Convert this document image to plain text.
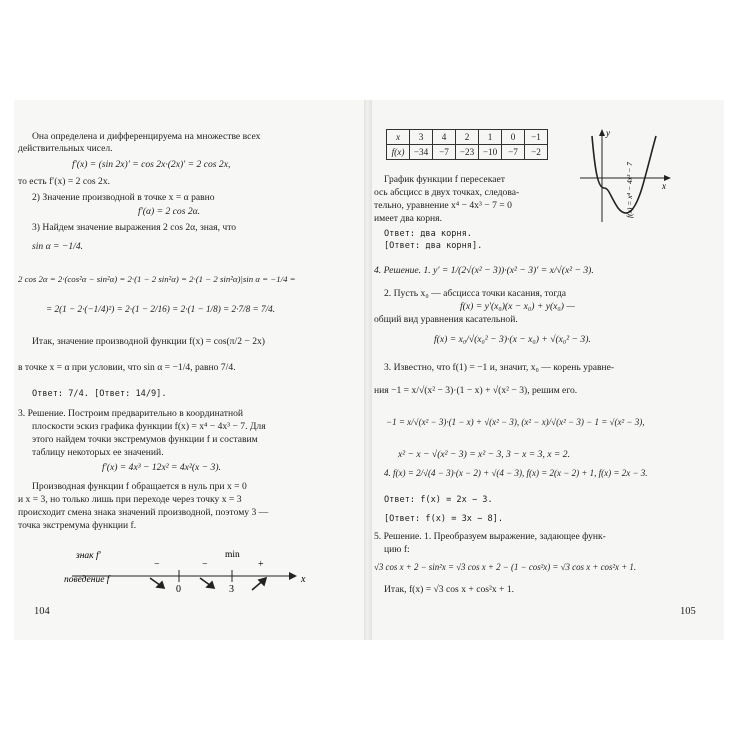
Она определена и дифференцируема на множестве всех
действительных чисел.
f′(x) = (sin 2x)′ = cos 2x·(2x)′ = 2 cos 2x,
то есть f′(x) = 2 cos 2x.
2) Значение производной в точке x = α равно
f′(α) = 2 cos 2α.
3) Найдем значение выражения 2 cos 2α, зная, что
sin α = −1/4.
2 cos 2α = 2·(cos²α − sin²α) = 2·(1 − 2 sin²α) = 2·(1 − 2 sin²α)|sin α = −1/4 =
= 2(1 − 2·(−1/4)²) = 2·(1 − 2/16) = 2·(1 − 1/8) = 2·7/8 = 7/4.
Итак, значение производной функции f(x) = cos(π/2 − 2x)
в точке x = α при условии, что sin α = −1/4, равно 7/4.
Ответ: 7/4. [Ответ: 14/9].
3. Решение. Построим предварительно в координатной
плоскости эскиз графика функции f(x) = x⁴ − 4x³ − 7. Для
этого найдем точки экстремумов функции f и составим
таблицу некоторых ее значений.
f′(x) = 4x³ − 12x² = 4x²(x − 3).
Производная функции f обращается в нуль при x = 0
и x = 3, но только лишь при переходе через точку x = 3
происходит смена знака значений производной, поэтому 3 —
точка экстремума функции f.
знак f′
поведение f
−	−	+
min
0	3
x
104
x	3	4	2	1	0	−1
f(x)	−34	−7	−23	−10	−7	−2
y
x
f(x) = x⁴ − 4x³ − 7
График функции f пересекает
ось абсцисс в двух точках, следова-
тельно, уравнение x⁴ − 4x³ − 7 = 0
имеет два корня.
Ответ: два корня.
[Ответ: два корня].
4. Решение. 1. y′ = 1/(2√(x² − 3))·(x² − 3)′ = x/√(x² − 3).
2. Пусть x₀ — абсцисса точки касания, тогда
f(x) = y′(x₀)(x − x₀) + y(x₀) —
общий вид уравнения касательной.
f(x) = x₀/√(x₀² − 3)·(x − x₀) + √(x₀² − 3).
3. Известно, что f(1) = −1 и, значит, x₀ — корень уравне-
ния −1 = x/√(x² − 3)·(1 − x) + √(x² − 3), решим его.
−1 = x/√(x² − 3)·(1 − x) + √(x² − 3), (x² − x)/√(x² − 3) − 1 = √(x² − 3),
x² − x − √(x² − 3) = x² − 3, 3 − x = 3, x = 2.
4. f(x) = 2/√(4 − 3)·(x − 2) + √(4 − 3), f(x) = 2(x − 2) + 1, f(x) = 2x − 3.
Ответ: f(x) = 2x − 3.
[Ответ: f(x) = 3x − 8].
5. Решение. 1. Преобразуем выражение, задающее функ-
цию f:
√3 cos x + 2 − sin²x = √3 cos x + 2 − (1 − cos²x) = √3 cos x + cos²x + 1.
Итак, f(x) = √3 cos x + cos²x + 1.
105
